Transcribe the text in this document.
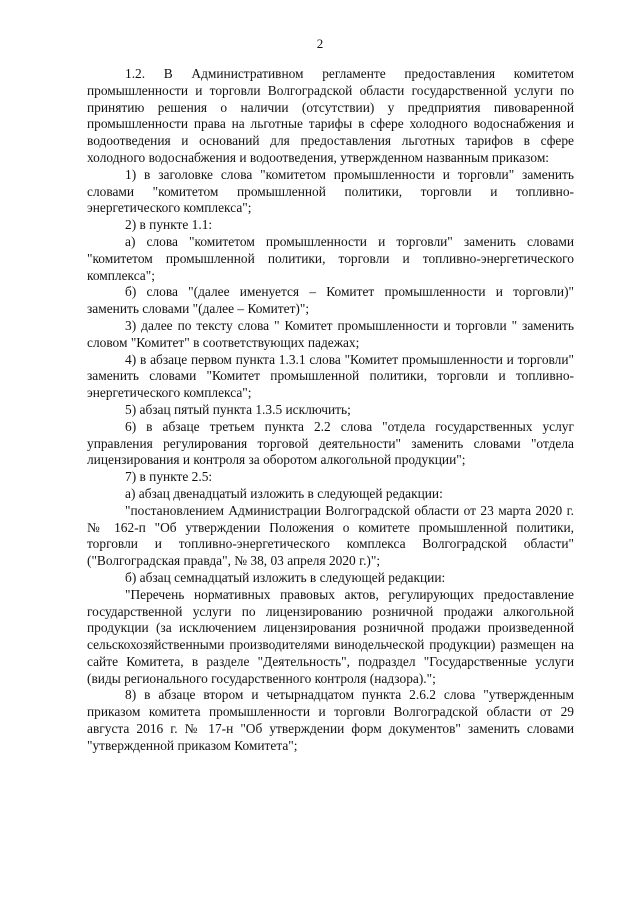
2

1.2. В Административном регламенте предоставления комитетом промышленности и торговли Волгоградской области государственной услуги по принятию решения о наличии (отсутствии) у предприятия пивоваренной промышленности права на льготные тарифы в сфере холодного водоснабжения и водоотведения и оснований для предоставления льготных тарифов в сфере холодного водоснабжения и водоотведения, утвержденном названным приказом:

1) в заголовке слова "комитетом промышленности и торговли" заменить словами "комитетом промышленной политики, торговли и топливно-энергетического комплекса";

2) в пункте 1.1:

а) слова "комитетом промышленности и торговли" заменить словами "комитетом промышленной политики, торговли и топливно-энергетического комплекса";

б) слова "(далее именуется – Комитет промышленности и торговли)" заменить словами "(далее – Комитет)";

3) далее по тексту слова " Комитет промышленности и торговли " заменить словом "Комитет" в соответствующих падежах;

4) в абзаце первом пункта 1.3.1 слова "Комитет промышленности и торговли" заменить словами "Комитет промышленной политики, торговли и топливно-энергетического комплекса";

5) абзац пятый пункта 1.3.5 исключить;

6) в абзаце третьем пункта 2.2 слова "отдела государственных услуг управления регулирования торговой деятельности" заменить словами "отдела лицензирования и контроля за оборотом алкогольной продукции";

7) в пункте 2.5:

а) абзац двенадцатый изложить в следующей редакции:

"постановлением Администрации Волгоградской области от 23 марта 2020 г. № 162-п "Об утверждении Положения о комитете промышленной политики, торговли и топливно-энергетического комплекса Волгоградской области" ("Волгоградская правда", № 38, 03 апреля 2020 г.)";

б) абзац семнадцатый изложить в следующей редакции:

"Перечень нормативных правовых актов, регулирующих предоставление государственной услуги по лицензированию розничной продажи алкогольной продукции (за исключением лицензирования розничной продажи произведенной сельскохозяйственными производителями винодельческой продукции) размещен на сайте Комитета, в разделе "Деятельность", подраздел "Государственные услуги (виды регионального государственного контроля (надзора).";

8) в абзаце втором и четырнадцатом пункта 2.6.2 слова "утвержденным приказом комитета промышленности и торговли Волгоградской области от 29 августа 2016 г. № 17-н "Об утверждении форм документов" заменить словами "утвержденной приказом Комитета";
